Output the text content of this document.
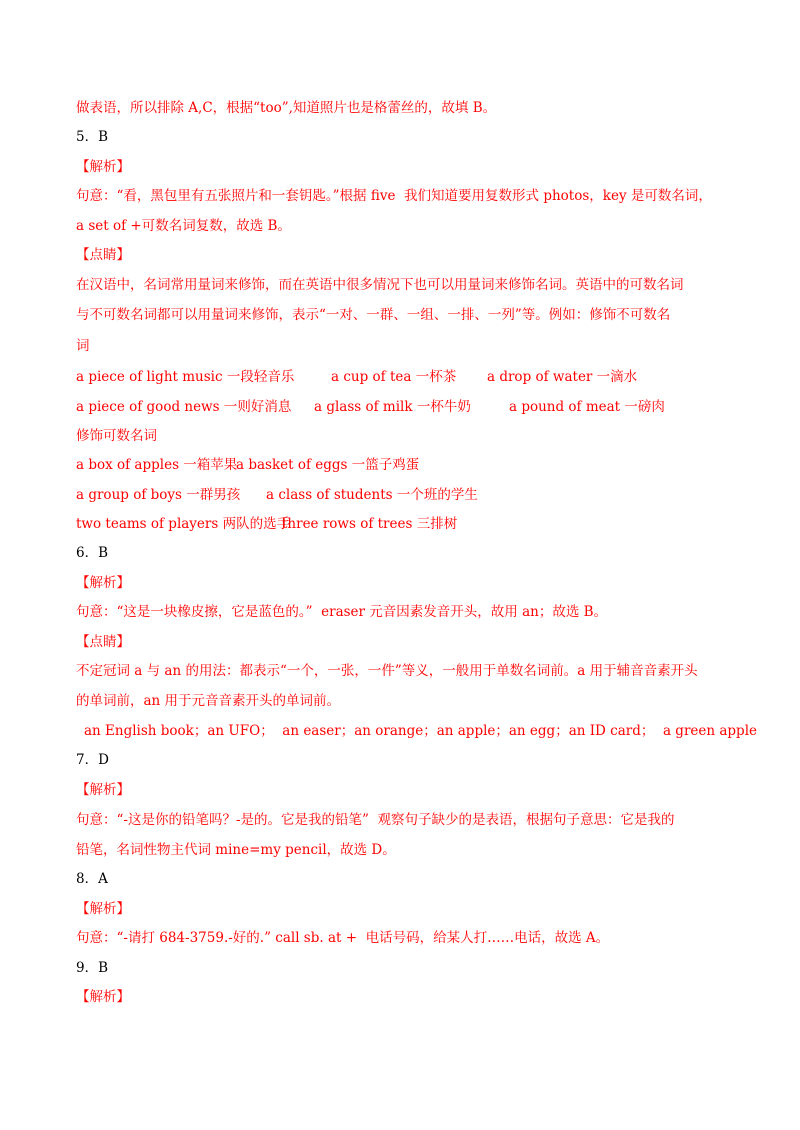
做表语，所以排除 A,C，根据“too”,知道照片也是格蕾丝的，故填 B。
5．B
【解析】
句意：“看，黑包里有五张照片和一套钥匙。”根据 five  我们知道要用复数形式 photos，key 是可数名词，
a set of +可数名词复数，故选 B。
【点睛】
在汉语中，名词常用量词来修饰，而在英语中很多情况下也可以用量词来修饰名词。英语中的可数名词
与不可数名词都可以用量词来修饰，表示“一对、一群、一组、一排、一列”等。例如：修饰不可数名
词
a piece of light music 一段轻音乐	a cup of tea 一杯茶 a drop of water 一滴水
a piece of good news 一则好消息 a glass of milk 一杯牛奶	a pound of meat 一磅肉
修饰可数名词
a box of apples 一箱苹果
a basket of eggs 一篮子鸡蛋
a group of boys 一群男孩 a class of students 一个班的学生
two teams of players 两队的选手
three rows of trees 三排树
6．B
【解析】
句意：“这是一块橡皮擦，它是蓝色的。”  eraser 元音因素发音开头，故用 an；故选 B。
【点睛】
不定冠词 a 与 an 的用法：都表示“一个，一张，一件”等义，一般用于单数名词前。a 用于辅音音素开头
的单词前，an 用于元音音素开头的单词前。
an English book；an UFO；  an easer；an orange；an apple；an egg；an ID card；  a green apple
7．D
【解析】
句意：“-这是你的铅笔吗？-是的。它是我的铅笔”  观察句子缺少的是表语，根据句子意思：它是我的
铅笔，名词性物主代词 mine=my pencil，故选 D。
8．A
【解析】
句意：“-请打 684-3759.-好的.” call sb. at +  电话号码，给某人打……电话，故选 A。
9．B
【解析】
